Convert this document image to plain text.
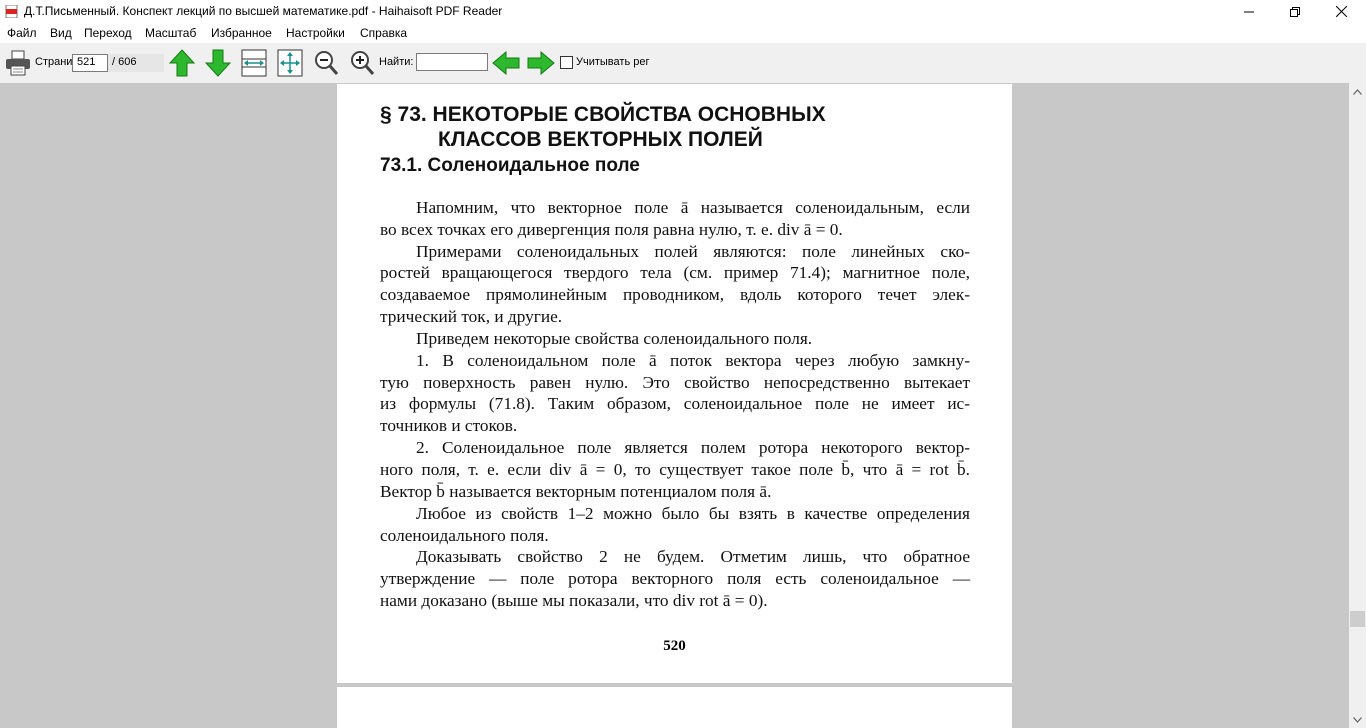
Д.Т.Письменный. Конспект лекций по высшей математике.pdf - Haihaisoft PDF Reader
Файл Вид Переход Масштаб Избранное Настройки Справка
Страни 521	/ 606	Найти:	Учитывать рег
§ 73. НЕКОТОРЫЕ СВОЙСТВА ОСНОВНЫХ
КЛАССОВ ВЕКТОРНЫХ ПОЛЕЙ
73.1. Соленоидальное поле
Напомним, что векторное поле ā называется соленоидальным, если
во всех точках его дивергенция поля равна нулю, т. е. div ā = 0.
Примерами соленоидальных полей являются: поле линейных ско-
ростей вращающегося твердого тела (см. пример 71.4); магнитное поле,
создаваемое прямолинейным проводником, вдоль которого течет элек-
трический ток, и другие.
Приведем некоторые свойства соленоидального поля.
1. В соленоидальном поле ā поток вектора через любую замкну-
тую поверхность равен нулю. Это свойство непосредственно вытекает
из формулы (71.8). Таким образом, соленоидальное поле не имеет ис-
точников и стоков.
2. Соленоидальное поле является полем ротора некоторого вектор-
ного поля, т. е. если div ā = 0, то существует такое поле b̄, что ā = rot b̄.
Вектор b̄ называется векторным потенциалом поля ā.
Любое из свойств 1–2 можно было бы взять в качестве определения
соленоидального поля.
Доказывать свойство 2 не будем. Отметим лишь, что обратное
утверждение — поле ротора векторного поля есть соленоидальное —
нами доказано (выше мы показали, что div rot ā = 0).
520
